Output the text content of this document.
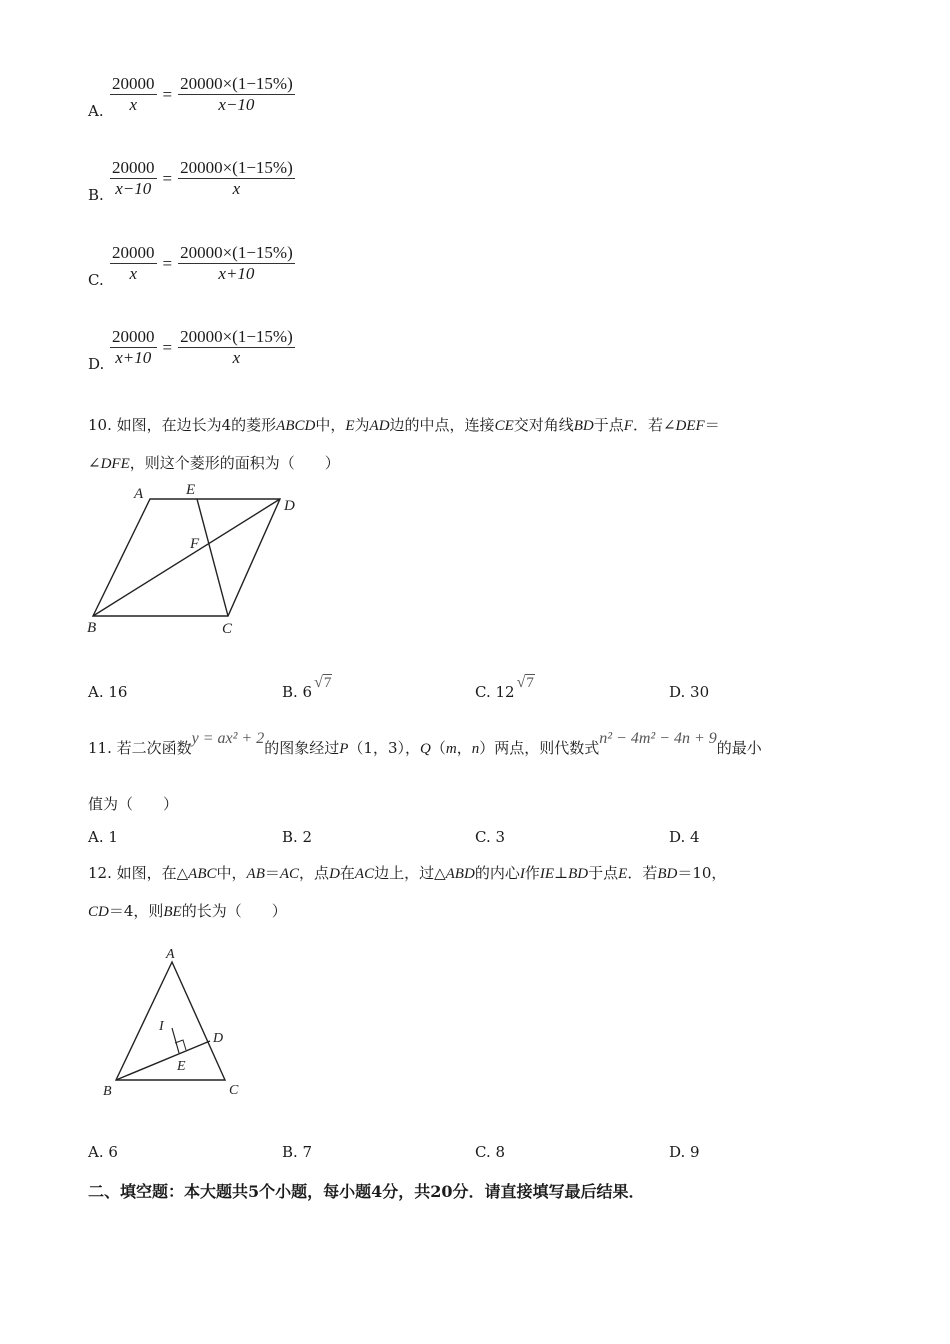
A. $\frac{20000}{x} = \frac{20000\times(1-15\%)}{x-10}$
B. $\frac{20000}{x-10} = \frac{20000\times(1-15\%)}{x}$
C. $\frac{20000}{x} = \frac{20000\times(1-15\%)}{x+10}$
D. $\frac{20000}{x+10} = \frac{20000\times(1-15\%)}{x}$
10. 如图，在边长为4的菱形ABCD中，E为AD边的中点，连接CE交对角线BD于点F．若∠DEF＝
∠DFE，则这个菱形的面积为（　　）
A	E
D
F
B	C
A. 16	B. 6√7	C. 12√7	D. 30
11. 若二次函数y = ax² + 2的图象经过P（1，3），Q（m，n）两点，则代数式n² − 4m² − 4n + 9的最小
值为（　　）
A. 1	B. 2	C. 3	D. 4
12. 如图，在△ABC中，AB＝AC，点D在AC边上，过△ABD的内心I作IE⊥BD于点E．若BD＝10，
CD＝4，则BE的长为（　　）
A
I
D
E
B	C
A. 6	B. 7	C. 8	D. 9
二、填空题：本大题共5个小题，每小题4分，共20分．请直接填写最后结果．
